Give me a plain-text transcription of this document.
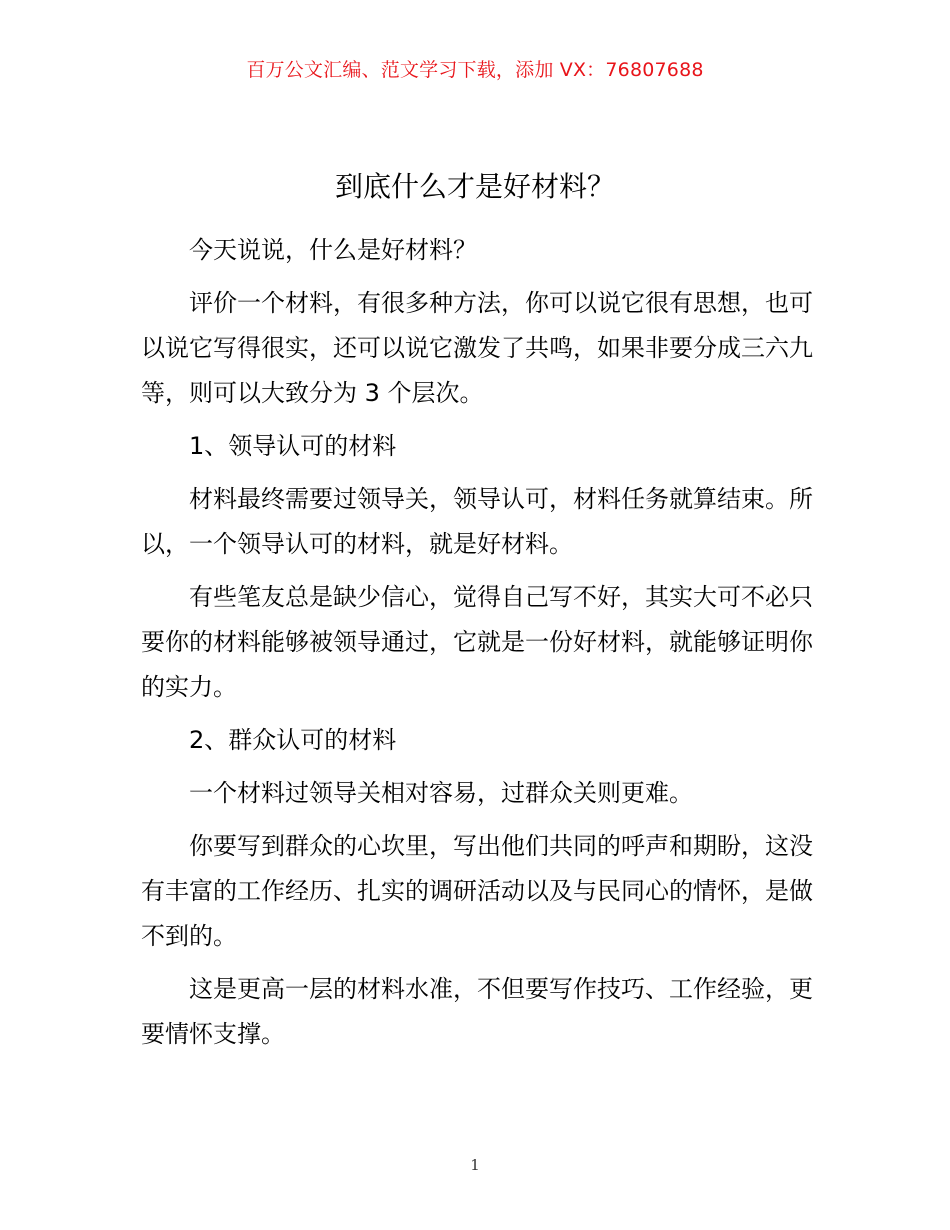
百万公文汇编、范文学习下载，添加 VX：76807688
到底什么才是好材料？

今天说说，什么是好材料？

评价一个材料，有很多种方法，你可以说它很有思想，也可以说它写得很实，还可以说它激发了共鸣，如果非要分成三六九等，则可以大致分为 3 个层次。

1、领导认可的材料

材料最终需要过领导关，领导认可，材料任务就算结束。所以，一个领导认可的材料，就是好材料。

有些笔友总是缺少信心，觉得自己写不好，其实大可不必只要你的材料能够被领导通过，它就是一份好材料，就能够证明你的实力。

2、群众认可的材料

一个材料过领导关相对容易，过群众关则更难。

你要写到群众的心坎里，写出他们共同的呼声和期盼，这没有丰富的工作经历、扎实的调研活动以及与民同心的情怀，是做不到的。

这是更高一层的材料水准，不但要写作技巧、工作经验，更要情怀支撑。

1
